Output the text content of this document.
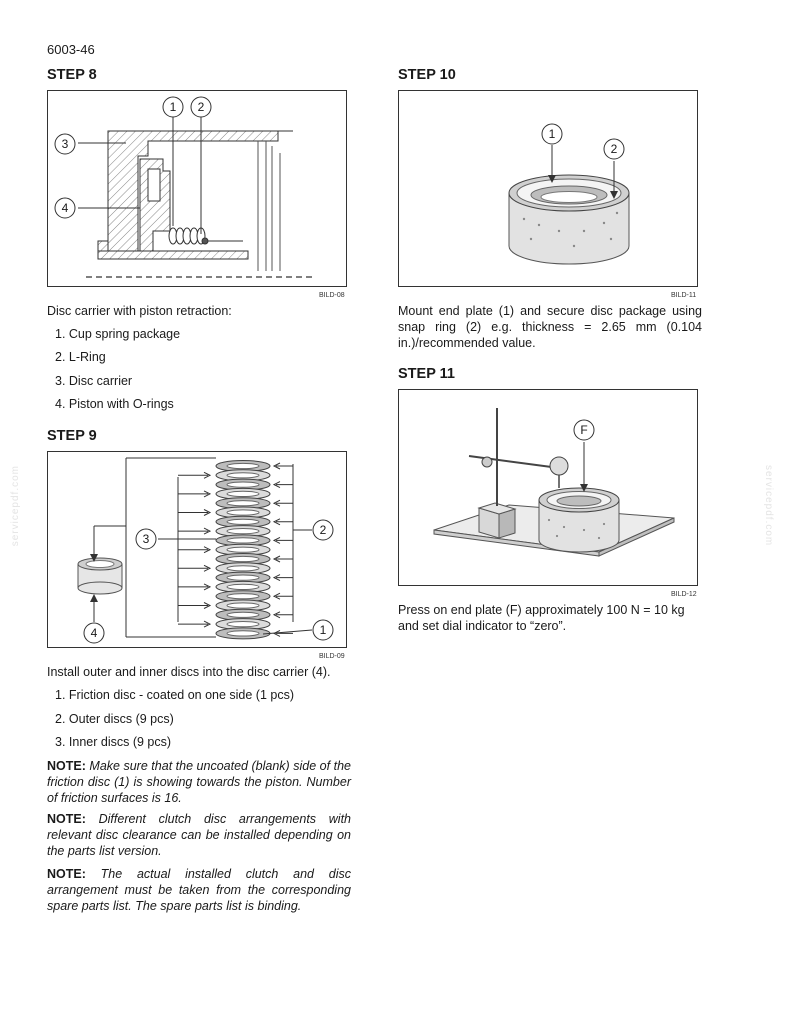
6003-46
servicepdf.com	servicepdf.com
STEP 8
1	2
3
4
BILD-08
Disc carrier with piston retraction:
1. Cup spring package
2. L-Ring
3. Disc carrier
4. Piston with O-rings
STEP 9
3
2
1
4
BILD-09
Install outer and inner discs into the disc carrier (4).
1. Friction disc - coated on one side (1 pcs)
2. Outer discs (9 pcs)
3. Inner discs (9 pcs)
NOTE: Make sure that the uncoated (blank) side of the friction disc (1) is showing towards the piston. Number of friction surfaces is 16.
NOTE: Different clutch disc arrangements with relevant disc clearance can be installed depending on the parts list version.
NOTE: The actual installed clutch and disc arrangement must be taken from the corresponding spare parts list. The spare parts list is binding.
STEP 10
1
2
BILD-11
Mount end plate (1) and secure disc package using snap ring (2) e.g. thickness = 2.65 mm (0.104 in.)/recommended value.
STEP 11
F
BILD-12
Press on end plate (F) approximately 100 N = 10 kg and set dial indicator to “zero”.
